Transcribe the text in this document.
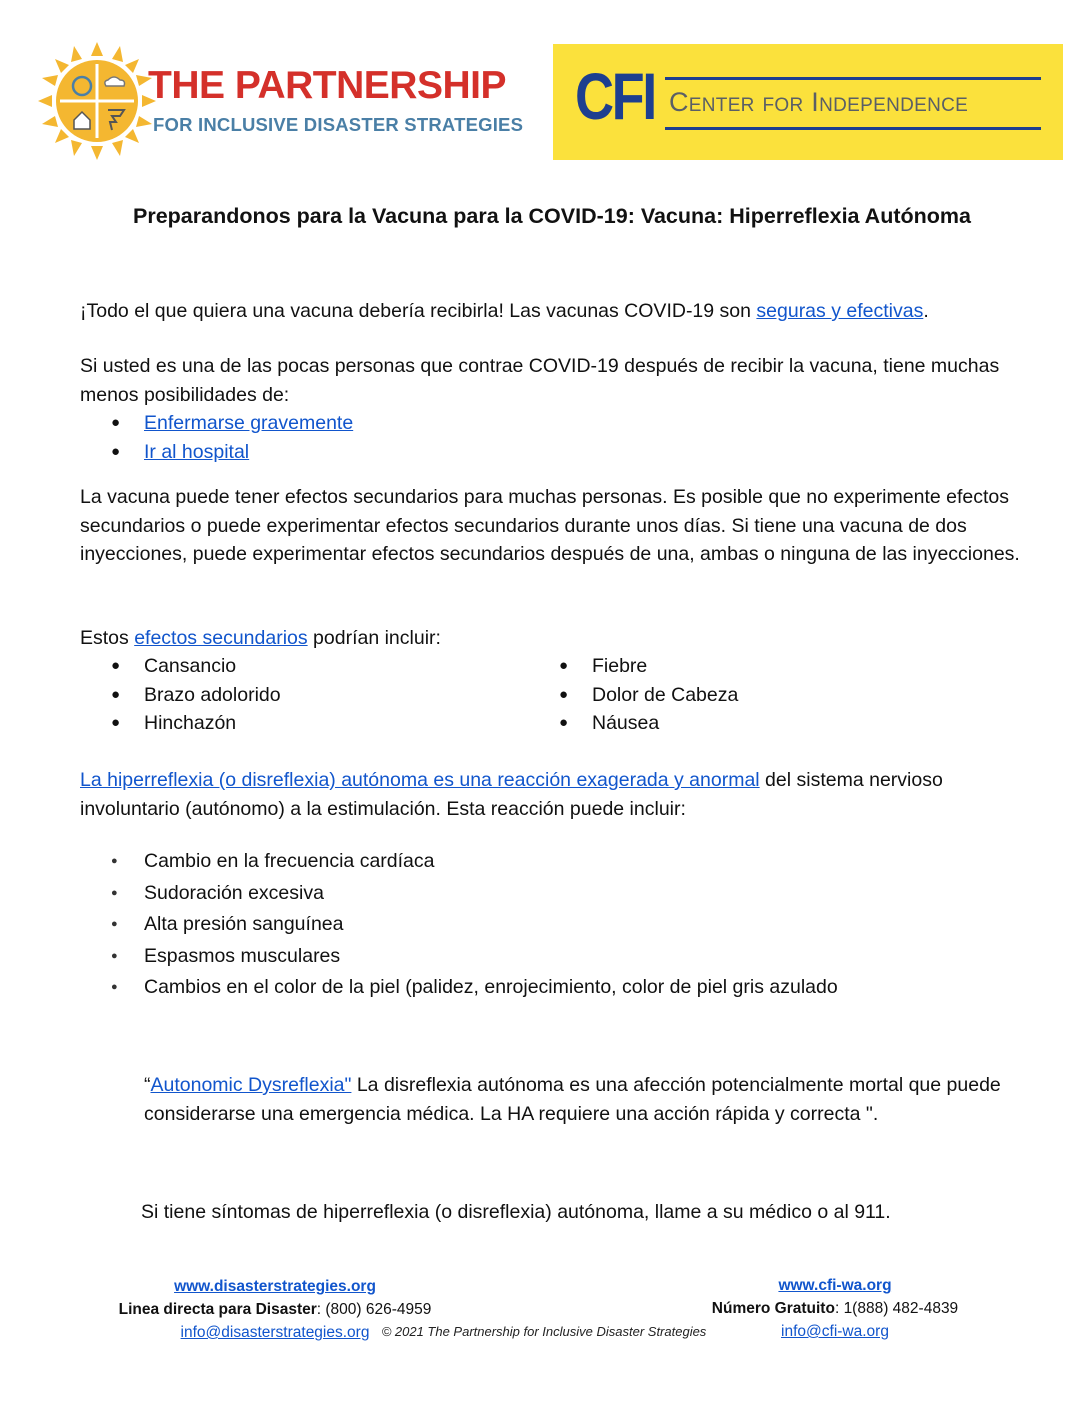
THE PARTNERSHIP
FOR INCLUSIVE DISASTER STRATEGIES CFI Center for Independence
Preparandonos para la Vacuna para la COVID-19: Vacuna: Hiperreflexia Autónoma
¡Todo el que quiera una vacuna debería recibirla! Las vacunas COVID-19 son seguras y efectivas.
Si usted es una de las pocas personas que contrae COVID-19 después de recibir la vacuna, tiene muchas menos posibilidades de:
● Enfermarse gravemente
● Ir al hospital
La vacuna puede tener efectos secundarios para muchas personas. Es posible que no experimente efectos secundarios o puede experimentar efectos secundarios durante unos días. Si tiene una vacuna de dos inyecciones, puede experimentar efectos secundarios después de una, ambas o ninguna de las inyecciones.
Estos efectos secundarios podrían incluir:
● Cansancio
● Brazo adolorido
● Hinchazón
● Fiebre
● Dolor de Cabeza
● Náusea
La hiperreflexia (o disreflexia) autónoma es una reacción exagerada y anormal del sistema nervioso involuntario (autónomo) a la estimulación. Esta reacción puede incluir:
● Cambio en la frecuencia cardíaca
● Sudoración excesiva
● Alta presión sanguínea
● Espasmos musculares
● Cambios en el color de la piel (palidez, enrojecimiento, color de piel gris azulado
“Autonomic Dysreflexia" La disreflexia autónoma es una afección potencialmente mortal que puede considerarse una emergencia médica. La HA requiere una acción rápida y correcta ".
Si tiene síntomas de hiperreflexia (o disreflexia) autónoma, llame a su médico o al 911.
www.disasterstrategies.org
Linea directa para Disaster: (800) 626-4959
info@disasterstrategies.org
www.cfi-wa.org
Número Gratuito: 1(888) 482-4839
info@cfi-wa.org
© 2021 The Partnership for Inclusive Disaster Strategies
